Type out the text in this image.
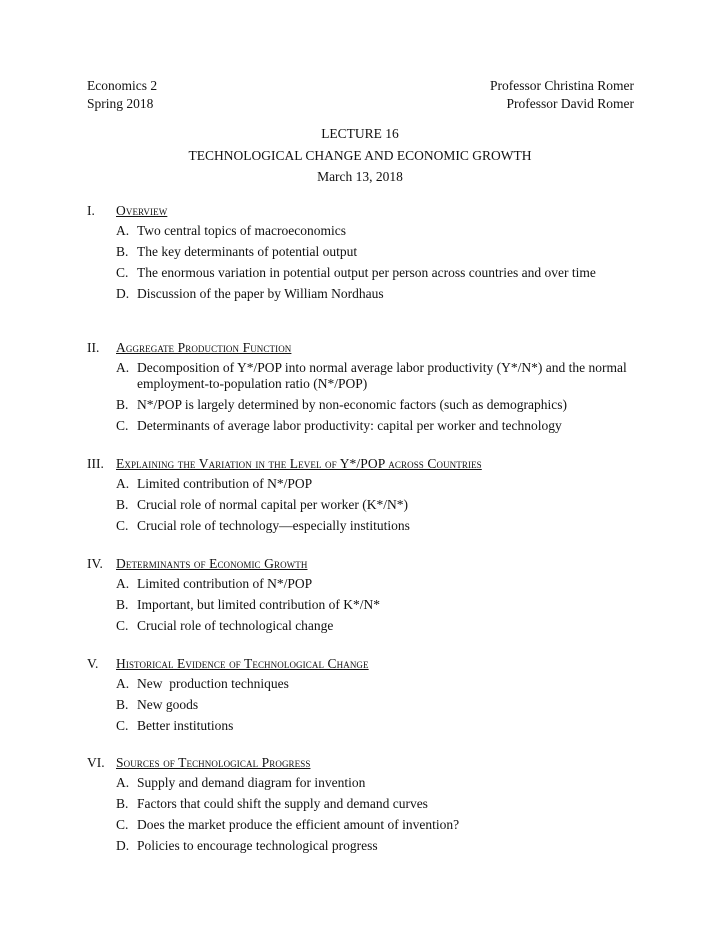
Economics 2	Professor Christina Romer
Spring 2018	Professor David Romer
LECTURE 16
TECHNOLOGICAL CHANGE AND ECONOMIC GROWTH
March 13, 2018
I.	Overview
A. Two central topics of macroeconomics
B. The key determinants of potential output
C. The enormous variation in potential output per person across countries and over time
D. Discussion of the paper by William Nordhaus
II.	Aggregate Production Function
A. Decomposition of Y*/POP into normal average labor productivity (Y*/N*) and the normal employment-to-population ratio (N*/POP)
B. N*/POP is largely determined by non-economic factors (such as demographics)
C. Determinants of average labor productivity: capital per worker and technology
III. Explaining the Variation in the Level of Y*/POP across Countries
A. Limited contribution of N*/POP
B. Crucial role of normal capital per worker (K*/N*)
C. Crucial role of technology—especially institutions
IV. Determinants of Economic Growth
A. Limited contribution of N*/POP
B. Important, but limited contribution of K*/N*
C. Crucial role of technological change
V.	Historical Evidence of Technological Change
A. New  production techniques
B. New goods
C. Better institutions
VI. Sources of Technological Progress
A. Supply and demand diagram for invention
B. Factors that could shift the supply and demand curves
C. Does the market produce the efficient amount of invention?
D. Policies to encourage technological progress
